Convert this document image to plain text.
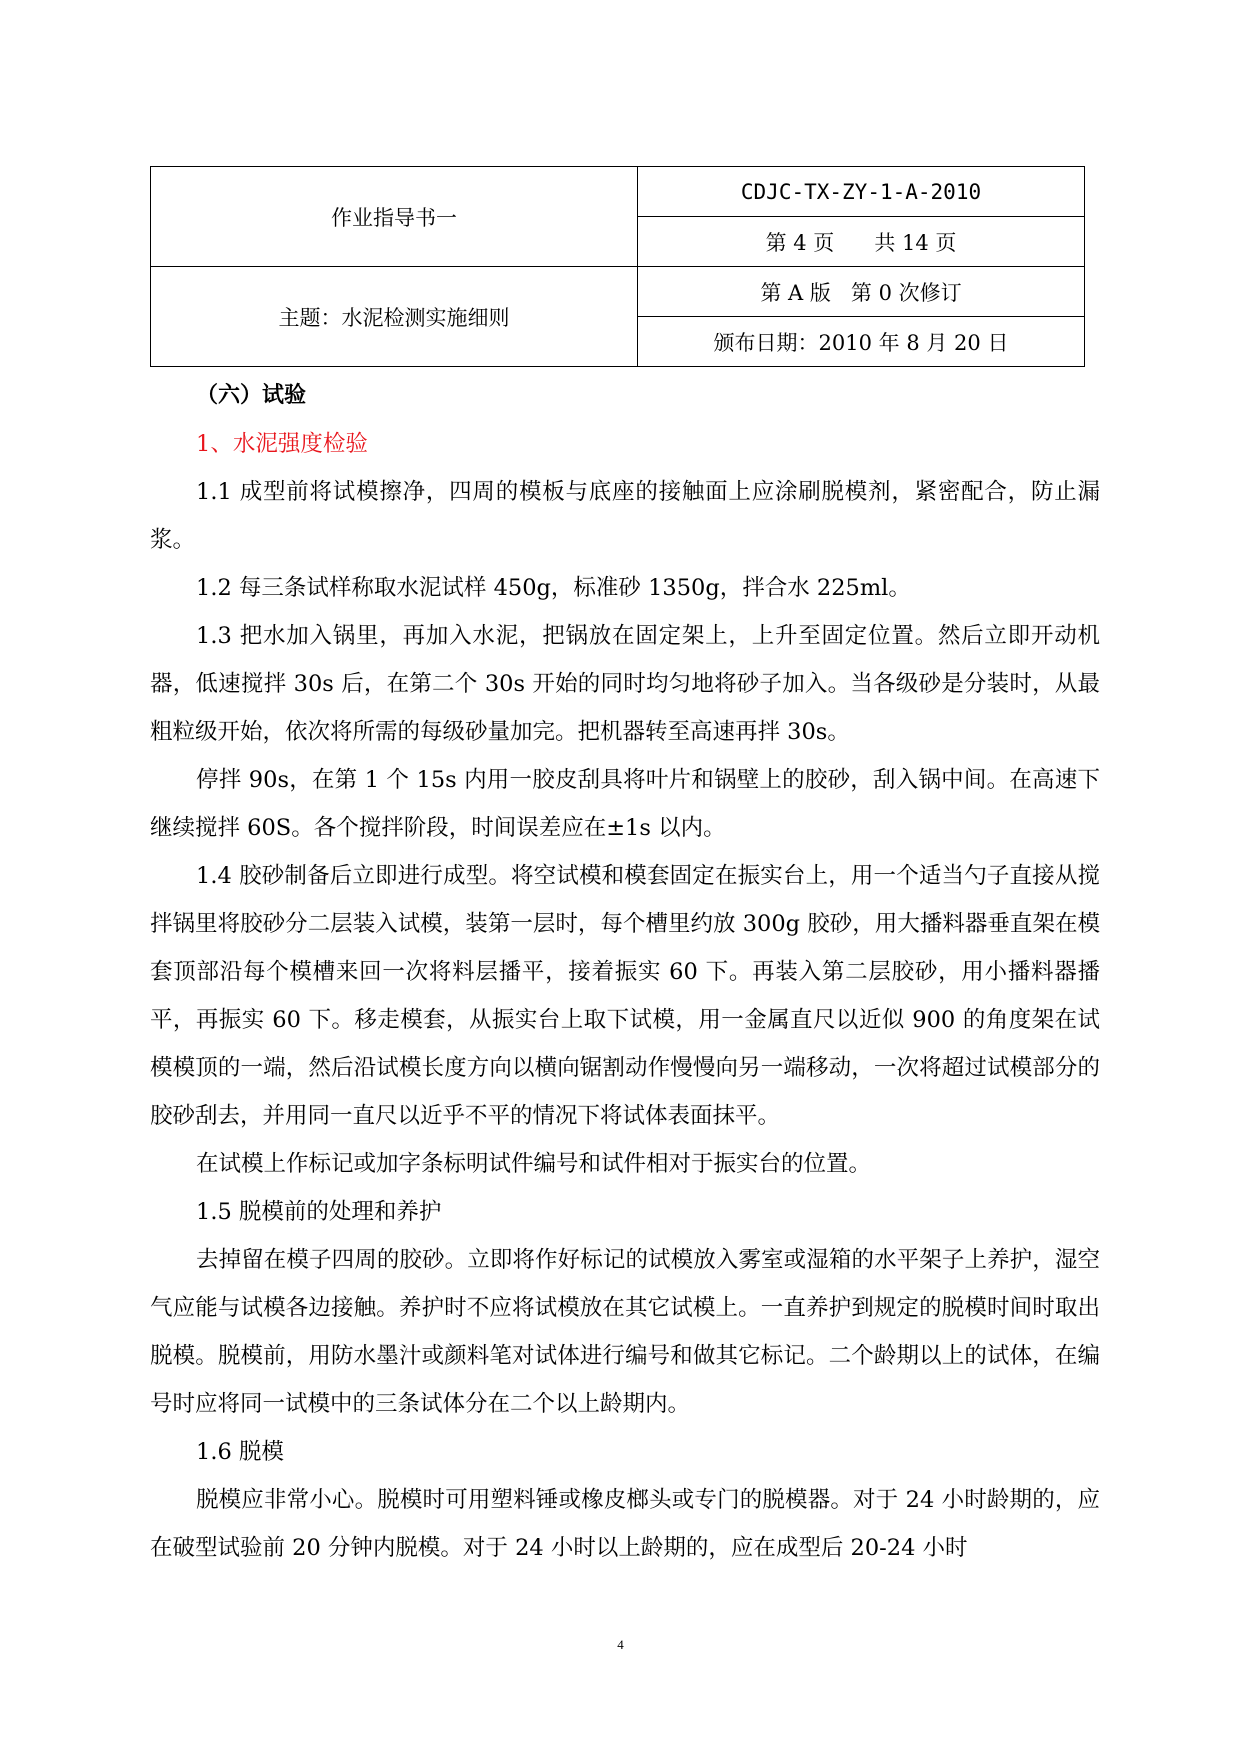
作业指导书一	CDJC-TX-ZY-1-A-2010
	第 4 页      共 14 页
主题：水泥检测实施细则	第 A 版   第 0 次修订
	颁布日期：2010 年 8 月 20 日

（六）试验

1、水泥强度检验

1.1 成型前将试模擦净，四周的模板与底座的接触面上应涂刷脱模剂，紧密配合，防止漏浆。

1.2 每三条试样称取水泥试样 450g，标准砂 1350g，拌合水 225ml。

1.3 把水加入锅里，再加入水泥，把锅放在固定架上，上升至固定位置。然后立即开动机器，低速搅拌 30s 后，在第二个 30s 开始的同时均匀地将砂子加入。当各级砂是分装时，从最粗粒级开始，依次将所需的每级砂量加完。把机器转至高速再拌 30s。

停拌 90s，在第 1 个 15s 内用一胶皮刮具将叶片和锅壁上的胶砂，刮入锅中间。在高速下继续搅拌 60S。各个搅拌阶段，时间误差应在±1s 以内。

1.4 胶砂制备后立即进行成型。将空试模和模套固定在振实台上，用一个适当勺子直接从搅拌锅里将胶砂分二层装入试模，装第一层时，每个槽里约放 300g 胶砂，用大播料器垂直架在模套顶部沿每个模槽来回一次将料层播平，接着振实 60 下。再装入第二层胶砂，用小播料器播平，再振实 60 下。移走模套，从振实台上取下试模，用一金属直尺以近似 900 的角度架在试模模顶的一端，然后沿试模长度方向以横向锯割动作慢慢向另一端移动，一次将超过试模部分的胶砂刮去，并用同一直尺以近乎不平的情况下将试体表面抹平。

在试模上作标记或加字条标明试件编号和试件相对于振实台的位置。

1.5 脱模前的处理和养护

去掉留在模子四周的胶砂。立即将作好标记的试模放入雾室或湿箱的水平架子上养护，湿空气应能与试模各边接触。养护时不应将试模放在其它试模上。一直养护到规定的脱模时间时取出脱模。脱模前，用防水墨汁或颜料笔对试体进行编号和做其它标记。二个龄期以上的试体，在编号时应将同一试模中的三条试体分在二个以上龄期内。

1.6 脱模

脱模应非常小心。脱模时可用塑料锤或橡皮榔头或专门的脱模器。对于 24 小时龄期的，应在破型试验前 20 分钟内脱模。对于 24 小时以上龄期的，应在成型后 20-24 小时

4
